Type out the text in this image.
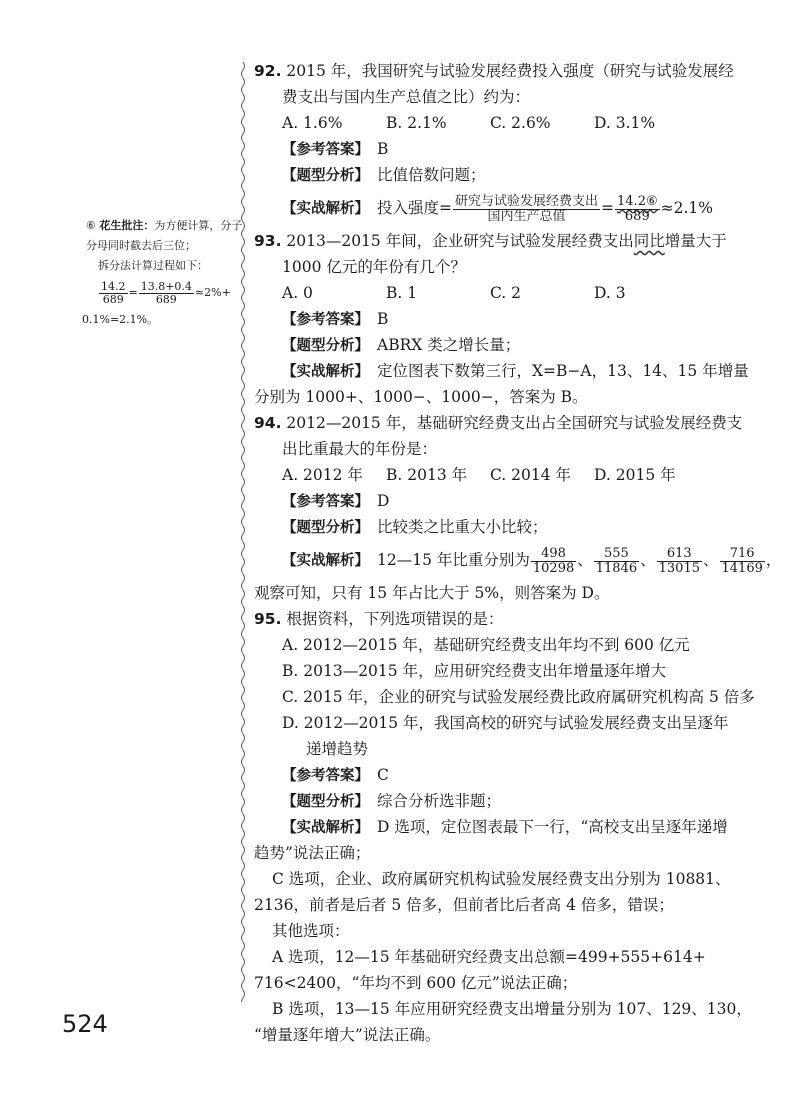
⑥ 花生批注：为方便计算，分子
分母同时截去后三位；
拆分法计算过程如下：
$\frac{14.2}{689} = \frac{13.8+0.4}{689} \approx 2\%+$
0.1%=2.1%。
92. 2015 年，我国研究与试验发展经费投入强度（研究与试验发展经
费支出与国内生产总值之比）约为：
A. 1.6%	B. 2.1%	C. 2.6%	D. 3.1%
【参考答案】 B
【题型分析】 比值倍数问题；
【实战解析】 投入强度= $\frac{\text{研究与试验发展经费支出}}{\text{国内生产总值}} = \frac{\text{14.2⑥}}{689} \approx 2.1\%$
93. 2013—2015 年间，企业研究与试验发展经费支出同比增量大于
1000 亿元的年份有几个？
A. 0	B. 1	C. 2	D. 3
【参考答案】 B
【题型分析】 ABRX 类之增长量；
【实战解析】 定位图表下数第三行，X=B−A，13、14、15 年增量
分别为 1000+、1000−、1000−，答案为 B。
94. 2012—2015 年，基础研究经费支出占全国研究与试验发展经费支
出比重最大的年份是：
A. 2012 年 B. 2013 年 C. 2014 年 D. 2015 年
【参考答案】 D
【题型分析】 比较类之比重大小比较；
【实战解析】 12—15 年比重分别为 $\frac{498}{10298}$ 、 $\frac{555}{11846}$ 、 $\frac{613}{13015}$ 、 $\frac{716}{14169}$ ，
观察可知，只有 15 年占比大于 5%，则答案为 D。
95. 根据资料，下列选项错误的是：
A. 2012—2015 年，基础研究经费支出年均不到 600 亿元
B. 2013—2015 年，应用研究经费支出年增量逐年增大
C. 2015 年，企业的研究与试验发展经费比政府属研究机构高 5 倍多
D. 2012—2015 年，我国高校的研究与试验发展经费支出呈逐年
递增趋势
【参考答案】 C
【题型分析】 综合分析选非题；
【实战解析】 D 选项，定位图表最下一行，“高校支出呈逐年递增
趋势”说法正确；
C 选项，企业、政府属研究机构试验发展经费支出分别为 10881、
2136，前者是后者 5 倍多，但前者比后者高 4 倍多，错误；
其他选项：
A 选项，12—15 年基础研究经费支出总额=499+555+614+
716<2400，“年均不到 600 亿元”说法正确；
B 选项，13—15 年应用研究经费支出增量分别为 107、129、130，
“增量逐年增大”说法正确。
524
